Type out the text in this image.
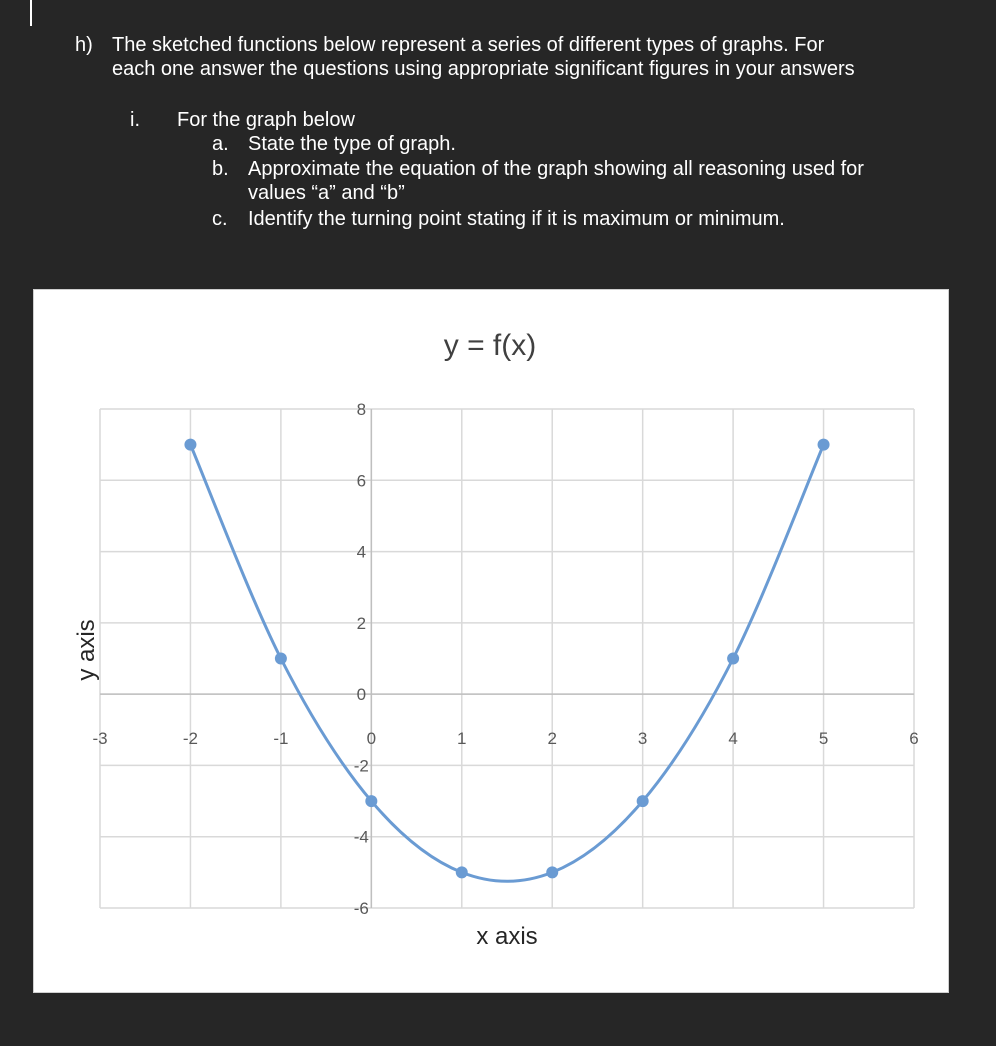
h) The sketched functions below represent a series of different types of graphs. For
each one answer the questions using appropriate significant figures in your answers
i. For the graph below
a. State the type of graph.
b. Approximate the equation of the graph showing all reasoning used for
values “a” and “b”
c. Identify the turning point stating if it is maximum or minimum.
-3	-2	-1	0	1	2	3	4	5	6
-6
-4
-2
0
2
4
6
8
y = f(x)
x axis
y axis
